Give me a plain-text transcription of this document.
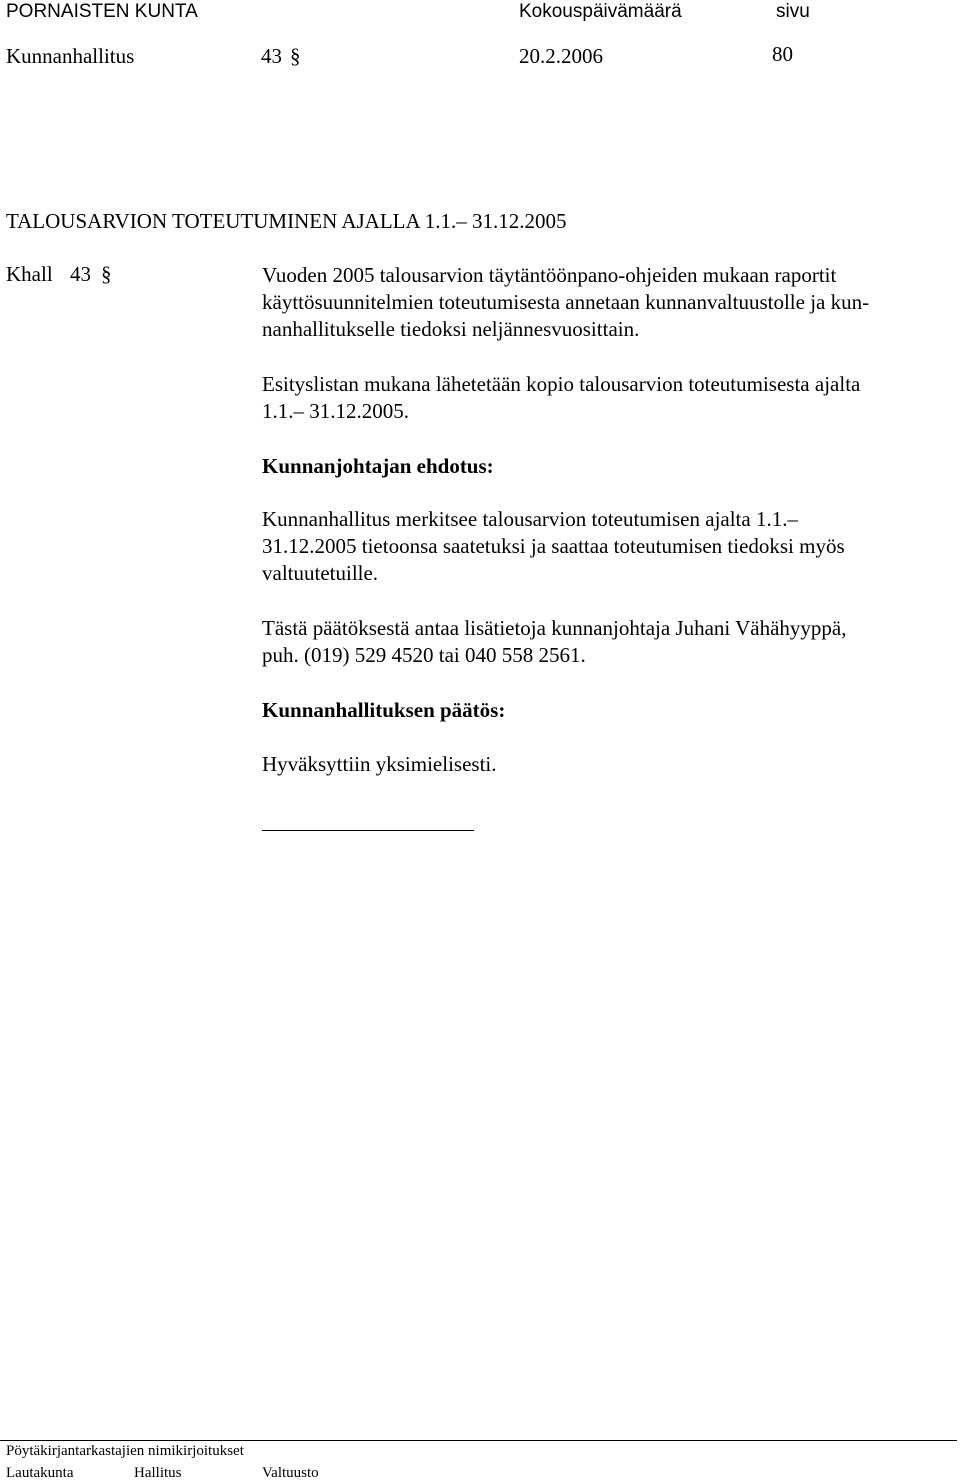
PORNAISTEN KUNTA	Kokouspäivämäärä	sivu
Kunnanhallitus	43 §	20.2.2006	80
TALOUSARVION TOTEUTUMINEN AJALLA 1.1.– 31.12.2005
Khall 43 §	Vuoden 2005 talousarvion täytäntöönpano-ohjeiden mukaan raportit
käyttösuunnitelmien toteutumisesta annetaan kunnanvaltuustolle ja kun-
nanhallitukselle tiedoksi neljännesvuosittain.
Esityslistan mukana lähetetään kopio talousarvion toteutumisesta ajalta
1.1.– 31.12.2005.
Kunnanjohtajan ehdotus:
Kunnanhallitus merkitsee talousarvion toteutumisen ajalta 1.1.–
31.12.2005 tietoonsa saatetuksi ja saattaa toteutumisen tiedoksi myös
valtuutetuille.
Tästä päätöksestä antaa lisätietoja kunnanjohtaja Juhani Vähähyyppä,
puh. (019) 529 4520 tai 040 558 2561.
Kunnanhallituksen päätös:
Hyväksyttiin yksimielisesti.
Pöytäkirjantarkastajien nimikirjoitukset
Lautakunta	Hallitus	Valtuusto
